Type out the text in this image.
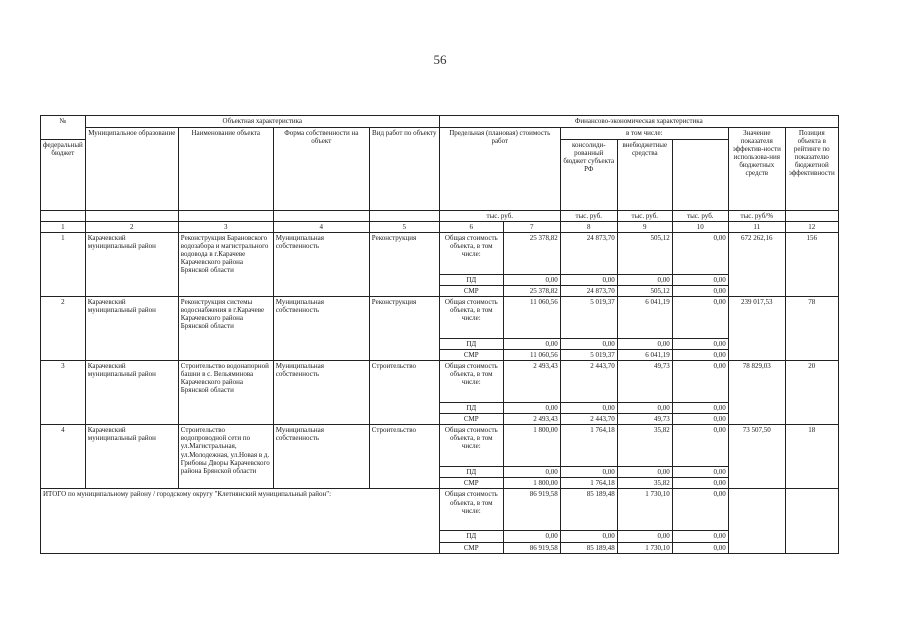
56
№	Объектная характеристика				Финансово-экономическая характеристика						
	Муниципальное образование	Наименование объекта	Форма собственности на объект	Вид работ по объекту	Предельная (плановая) стоимость работ		в том числе:			Значение показателя эффектив-ности использова-ния бюджетных средств	Позиция объекта в рейтинге по показателю бюджетной эффективности
федеральный бюджет							консолиди-рованный бюджет субъекта РФ	внебюджетные средства			
					тыс. руб.		тыс. руб.	тыс. руб.	тыс. руб.	тыс. руб/%	
1	2	3	4	5	6	7	8	9	10	11	12
1	Карачевский муниципальный район	Реконструкция Барановского водозабора и магистрального водовода в г.Карачеве Карачевского района Брянской области	Муниципальная собственность	Реконструкция	Общая стоимость объекта, в том числе:	25 378,82	24 873,70	505,12	0,00	672 262,16	156
					ПД	0,00	0,00	0,00	0,00		
					СМР	25 378,82	24 873,70	505,12	0,00		
2	Карачевский муниципальный район	Реконструкция системы водоснабжения в г.Карачеве Карачевского района Брянской области	Муниципальная собственность	Реконструкция	Общая стоимость объекта, в том числе:	11 060,56	5 019,37	6 041,19	0,00	239 017,53	78
					ПД	0,00	0,00	0,00	0,00		
					СМР	11 060,56	5 019,37	6 041,19	0,00		
3	Карачевский муниципальный район	Строительство водонапорной башни в с. Вельяминова Карачевского района Брянской области	Муниципальная собственность	Строительство	Общая стоимость объекта, в том числе:	2 493,43	2 443,70	49,73	0,00	78 829,03	20
					ПД	0,00	0,00	0,00	0,00		
					СМР	2 493,43	2 443,70	49,73	0,00		
4	Карачевский муниципальный район	Строительство водопроводной сети по ул.Магистральная, ул.Молодежная, ул.Новая в д. Грибовы Дворы Карачевского района Брянской области	Муниципальная собственность	Строительство	Общая стоимость объекта, в том числе:	1 800,00	1 764,18	35,82	0,00	73 507,50	18
					ПД	0,00	0,00	0,00	0,00		
					СМР	1 800,00	1 764,18	35,82	0,00		
ИТОГО по муниципальному району / городскому округу "Клетнянский муниципальный район":					Общая стоимость объекта, в том числе:	86 919,58	85 189,48	1 730,10	0,00		
					ПД	0,00	0,00	0,00	0,00		
					СМР	86 919,58	85 189,48	1 730,10	0,00		
